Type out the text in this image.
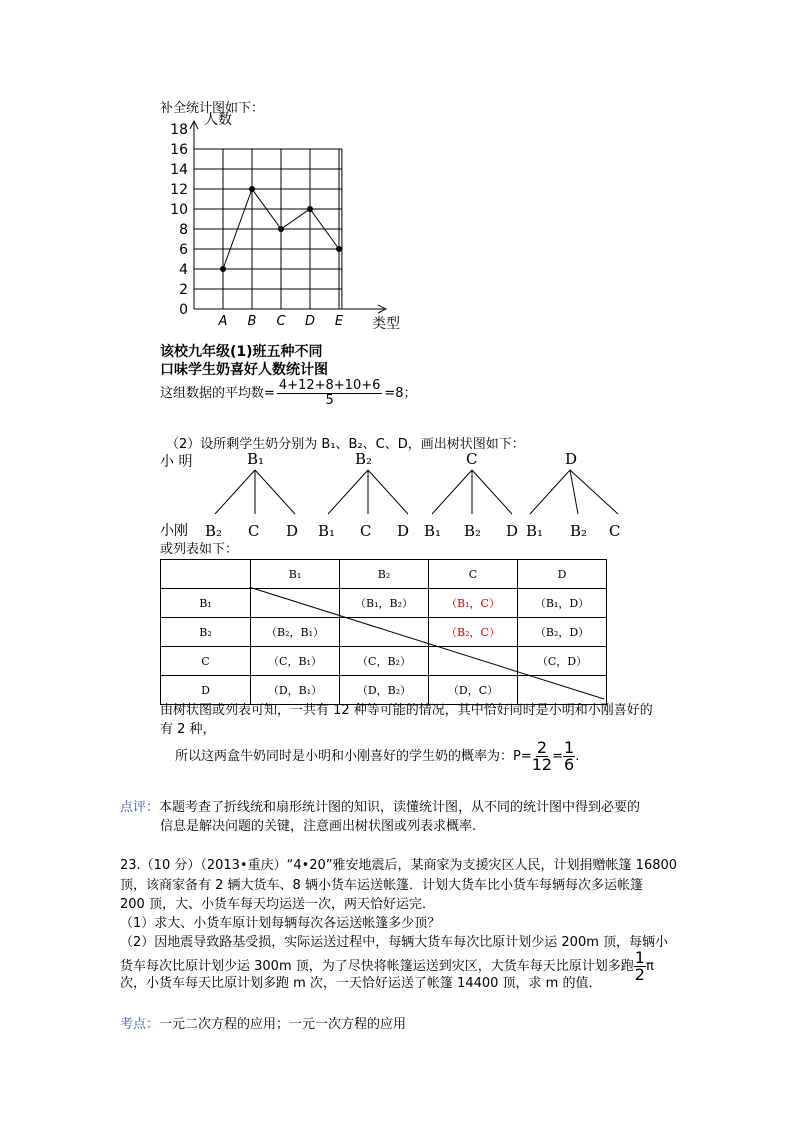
补全统计图如下：
0
2
4
6
8
10
12
14
16
18
A B C D E
人数
类型
该校九年级(1)班五种不同
口味学生奶喜好人数统计图
这组数据的平均数= $\frac{4+12+8+10+6}{5} =8$；
（2）设所剩学生奶分别为 B₁、B₂、C、D，画出树状图如下：
小 明
小刚
B₁	B₂	C	D
B₂ C D B₁ C D B₁ B₂ D B₁ B₂ C
或列表如下：
	B₁	B₂	C	D
B₁		（B₁，B₂）	（B₁，C）	（B₁，D）
B₂	（B₂，B₁）		（B₂，C）	（B₂，D）
C	（C，B₁）	（C，B₂）		（C，D）
D	（D，B₁）	（D，B₂）	（D，C）	
由树状图或列表可知，一共有 12 种等可能的情况，其中恰好同时是小明和小刚喜好的
有 2 种，
所以这两盒牛奶同时是小明和小刚喜好的学生奶的概率为：$P= \frac{2}{12} = \frac{1}{6}$ .
点评：本题考查了折线统和扇形统计图的知识，读懂统计图，从不同的统计图中得到必要的
信息是解决问题的关键，注意画出树状图或列表求概率.
23.（10 分）（2013•重庆）“4•20”雅安地震后，某商家为支援灾区人民，计划捐赠帐篷 16800
顶，该商家备有 2 辆大货车、8 辆小货车运送帐篷．计划大货车比小货车每辆每次多运帐篷
200 顶，大、小货车每天均运送一次，两天恰好运完．
（1）求大、小货车原计划每辆每次各运送帐篷多少顶？
（2）因地震导致路基受损，实际运送过程中，每辆大货车每次比原计划少运 200m 顶，每辆小
货车每次比原计划少运 300m 顶，为了尽快将帐篷运送到灾区，大货车每天比原计划多跑 $\frac{1}{2}$ π
次，小货车每天比原计划多跑 m 次，一天恰好运送了帐篷 14400 顶，求 m 的值．
考点：一元二次方程的应用；一元一次方程的应用
